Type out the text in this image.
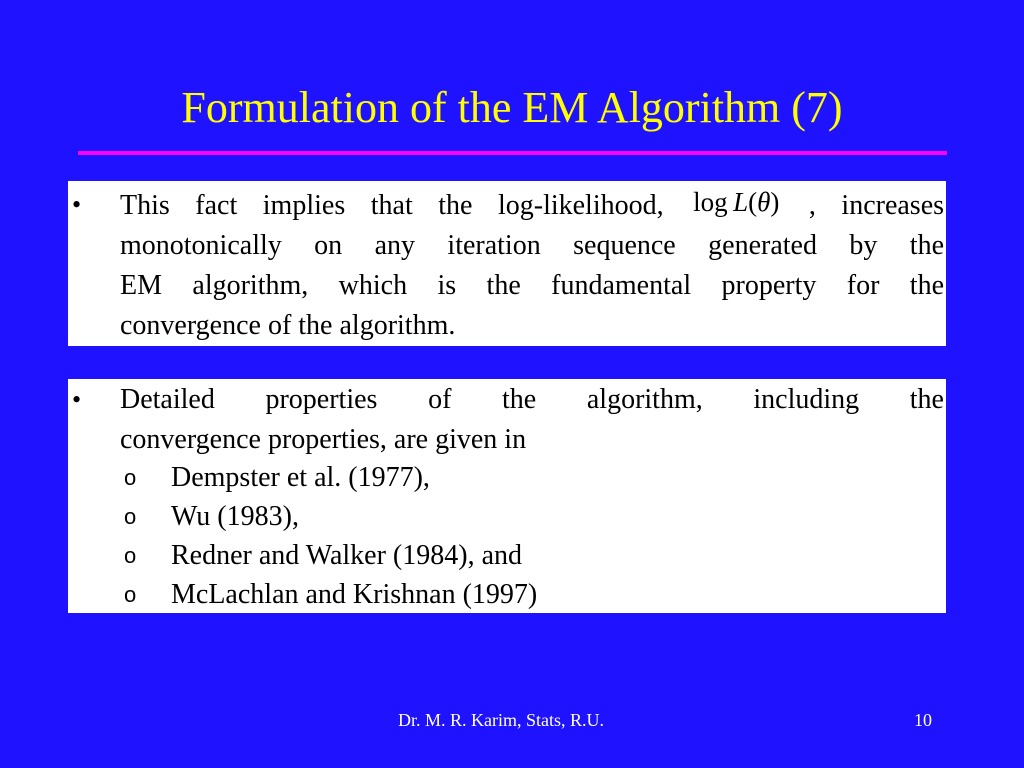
Formulation of the EM Algorithm (7)
• This fact implies that the log-likelihood, log  L(θ) , increases
monotonically on any iteration sequence generated by the
EM algorithm, which is the fundamental property for the
convergence of the algorithm.
• Detailed properties of the algorithm, including the
convergence properties, are given in
o Dempster et al. (1977),
o Wu (1983),
o Redner and Walker (1984), and
o McLachlan and Krishnan (1997)
Dr. M. R. Karim, Stats, R.U.	10
